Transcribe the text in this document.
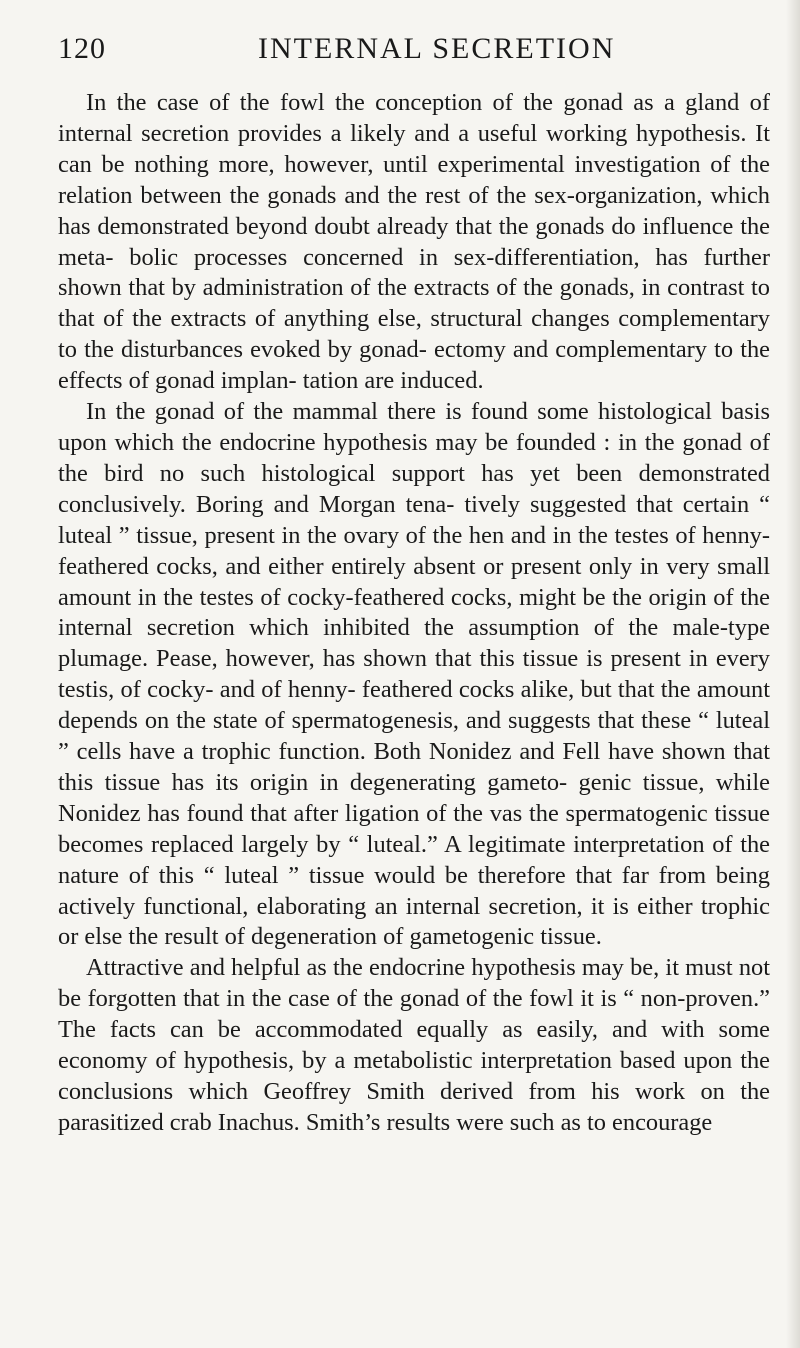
120	INTERNAL SECRETION

In the case of the fowl the conception of the gonad as a gland of internal secretion provides a likely and a useful working hypothesis. It can be nothing more, however, until experimental investigation of the relation between the gonads and the rest of the sex-organization, which has demonstrated beyond doubt already that the gonads do influence the meta- bolic processes concerned in sex-differentiation, has further shown that by administration of the extracts of the gonads, in contrast to that of the extracts of anything else, structural changes complementary to the disturbances evoked by gonad- ectomy and complementary to the effects of gonad implan- tation are induced.

In the gonad of the mammal there is found some histological basis upon which the endocrine hypothesis may be founded : in the gonad of the bird no such histological support has yet been demonstrated conclusively. Boring and Morgan tena- tively suggested that certain “ luteal ” tissue, present in the ovary of the hen and in the testes of henny-feathered cocks, and either entirely absent or present only in very small amount in the testes of cocky-feathered cocks, might be the origin of the internal secretion which inhibited the assumption of the male-type plumage. Pease, however, has shown that this tissue is present in every testis, of cocky- and of henny- feathered cocks alike, but that the amount depends on the state of spermatogenesis, and suggests that these “ luteal ” cells have a trophic function. Both Nonidez and Fell have shown that this tissue has its origin in degenerating gameto- genic tissue, while Nonidez has found that after ligation of the vas the spermatogenic tissue becomes replaced largely by “ luteal.” A legitimate interpretation of the nature of this “ luteal ” tissue would be therefore that far from being actively functional, elaborating an internal secretion, it is either trophic or else the result of degeneration of gametogenic tissue.

Attractive and helpful as the endocrine hypothesis may be, it must not be forgotten that in the case of the gonad of the fowl it is “ non-proven.” The facts can be accommodated equally as easily, and with some economy of hypothesis, by a metabolistic interpretation based upon the conclusions which Geoffrey Smith derived from his work on the parasitized crab Inachus. Smith’s results were such as to encourage
